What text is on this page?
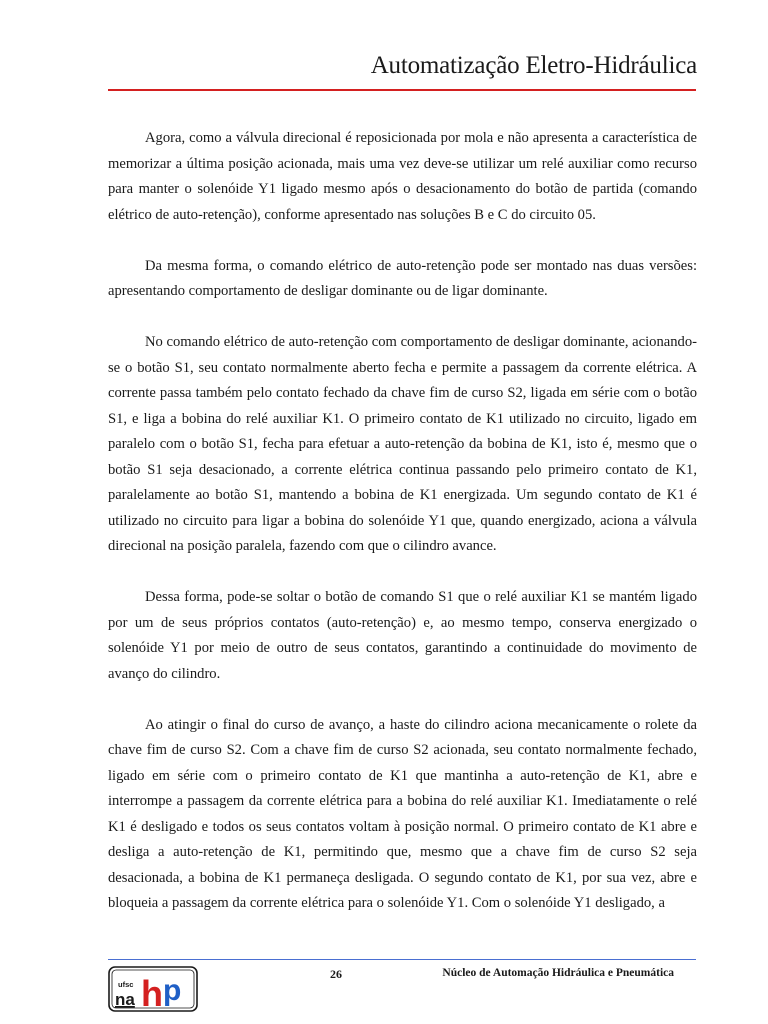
Automatização Eletro-Hidráulica

Agora, como a válvula direcional é reposicionada por mola e não apresenta a característica de memorizar a última posição acionada, mais uma vez deve-se utilizar um relé auxiliar como recurso para manter o solenóide Y1 ligado mesmo após o desacionamento do botão de partida (comando elétrico de auto-retenção), conforme apresentado nas soluções B e C do circuito 05.

Da mesma forma, o comando elétrico de auto-retenção pode ser montado nas duas versões: apresentando comportamento de desligar dominante ou de ligar dominante.

No comando elétrico de auto-retenção com comportamento de desligar dominante, acionando-se o botão S1, seu contato normalmente aberto fecha e permite a passagem da corrente elétrica. A corrente passa também pelo contato fechado da chave fim de curso S2, ligada em série com o botão S1, e liga a bobina do relé auxiliar K1. O primeiro contato de K1 utilizado no circuito, ligado em paralelo com o botão S1, fecha para efetuar a auto-retenção da bobina de K1, isto é, mesmo que o botão S1 seja desacionado, a corrente elétrica continua passando pelo primeiro contato de K1, paralelamente ao botão S1, mantendo a bobina de K1 energizada. Um segundo contato de K1 é utilizado no circuito para ligar a bobina do solenóide Y1 que, quando energizado, aciona a válvula direcional na posição paralela, fazendo com que o cilindro avance.

Dessa forma, pode-se soltar o botão de comando S1 que o relé auxiliar K1 se mantém ligado por um de seus próprios contatos (auto-retenção) e, ao mesmo tempo, conserva energizado o solenóide Y1 por meio de outro de seus contatos, garantindo a continuidade do movimento de avanço do cilindro.

Ao atingir o final do curso de avanço, a haste do cilindro aciona mecanicamente o rolete da chave fim de curso S2. Com a chave fim de curso S2 acionada, seu contato normalmente fechado, ligado em série com o primeiro contato de K1 que mantinha a auto-retenção de K1, abre e interrompe a passagem da corrente elétrica para a bobina do relé auxiliar K1. Imediatamente o relé K1 é desligado e todos os seus contatos voltam à posição normal. O primeiro contato de K1 abre e desliga a auto-retenção de K1, permitindo que, mesmo que a chave fim de curso S2 seja desacionada, a bobina de K1 permaneça desligada. O segundo contato de K1, por sua vez, abre e bloqueia a passagem da corrente elétrica para o solenóide Y1. Com o solenóide Y1 desligado, a

ufsc
na h p	26	Núcleo de Automação Hidráulica e Pneumática
